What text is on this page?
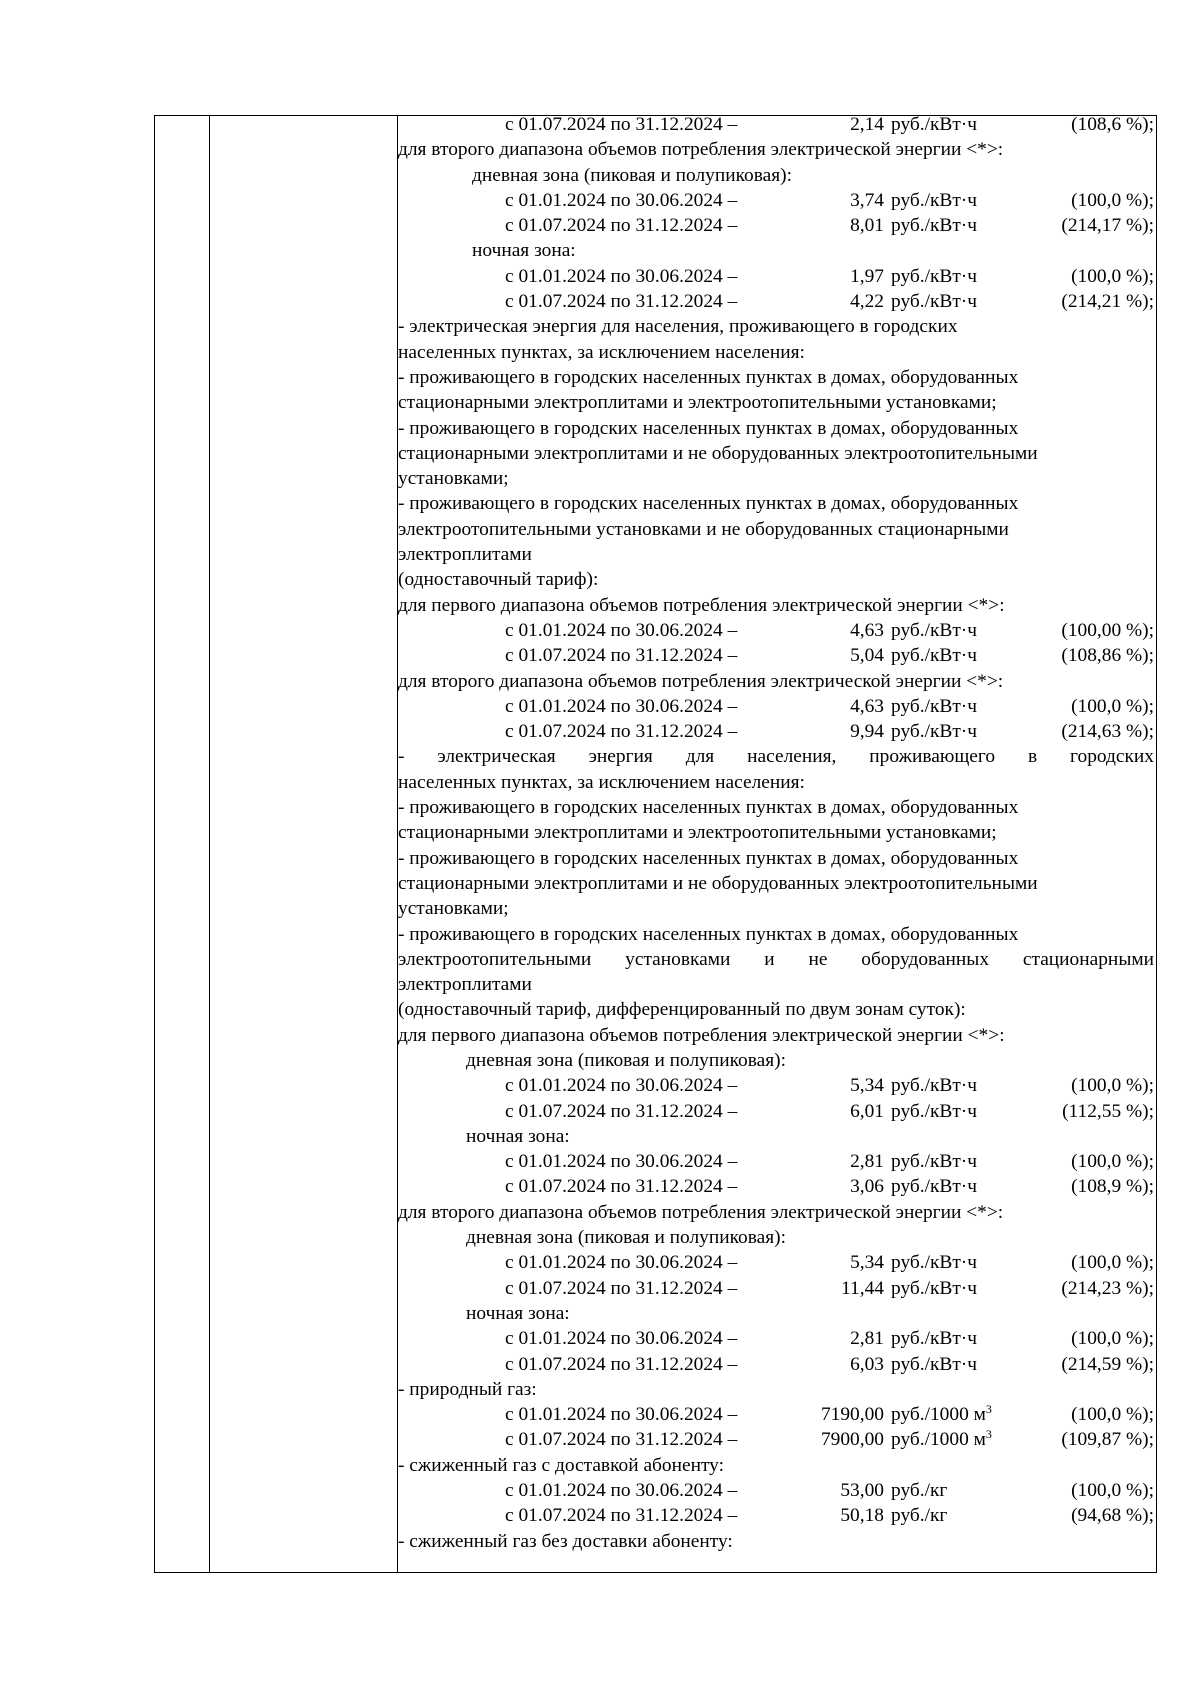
с 01.07.2024 по 31.12.2024 –	2,14 руб./кВт·ч	(108,6 %);
для второго диапазона объемов потребления электрической энергии <*>:
дневная зона (пиковая и полупиковая):
с 01.01.2024 по 30.06.2024 –	3,74 руб./кВт·ч	(100,0 %);
с 01.07.2024 по 31.12.2024 –	8,01 руб./кВт·ч	(214,17 %);
ночная зона:
с 01.01.2024 по 30.06.2024 –	1,97 руб./кВт·ч	(100,0 %);
с 01.07.2024 по 31.12.2024 –	4,22 руб./кВт·ч	(214,21 %);
- электрическая энергия для населения, проживающего в городских
населенных пунктах, за исключением населения:
- проживающего в городских населенных пунктах в домах, оборудованных
стационарными электроплитами и электроотопительными установками;
- проживающего в городских населенных пунктах в домах, оборудованных
стационарными электроплитами и не оборудованных электроотопительными
установками;
- проживающего в городских населенных пунктах в домах, оборудованных
электроотопительными установками и не оборудованных стационарными
электроплитами
(одноставочный тариф):
для первого диапазона объемов потребления электрической энергии <*>:
с 01.01.2024 по 30.06.2024 –	4,63 руб./кВт·ч	(100,00 %);
с 01.07.2024 по 31.12.2024 –	5,04 руб./кВт·ч	(108,86 %);
для второго диапазона объемов потребления электрической энергии <*>:
с 01.01.2024 по 30.06.2024 –	4,63 руб./кВт·ч	(100,0 %);
с 01.07.2024 по 31.12.2024 –	9,94 руб./кВт·ч	(214,63 %);
- электрическая энергия для населения, проживающего в городских
населенных пунктах, за исключением населения:
- проживающего в городских населенных пунктах в домах, оборудованных
стационарными электроплитами и электроотопительными установками;
- проживающего в городских населенных пунктах в домах, оборудованных
стационарными электроплитами и не оборудованных электроотопительными
установками;
- проживающего в городских населенных пунктах в домах, оборудованных
электроотопительными установками и не оборудованных стационарными
электроплитами
(одноставочный тариф, дифференцированный по двум зонам суток):
для первого диапазона объемов потребления электрической энергии <*>:
дневная зона (пиковая и полупиковая):
с 01.01.2024 по 30.06.2024 –	5,34 руб./кВт·ч	(100,0 %);
с 01.07.2024 по 31.12.2024 –	6,01 руб./кВт·ч	(112,55 %);
ночная зона:
с 01.01.2024 по 30.06.2024 –	2,81 руб./кВт·ч	(100,0 %);
с 01.07.2024 по 31.12.2024 –	3,06 руб./кВт·ч	(108,9 %);
для второго диапазона объемов потребления электрической энергии <*>:
дневная зона (пиковая и полупиковая):
с 01.01.2024 по 30.06.2024 –	5,34 руб./кВт·ч	(100,0 %);
с 01.07.2024 по 31.12.2024 –	11,44 руб./кВт·ч	(214,23 %);
ночная зона:
с 01.01.2024 по 30.06.2024 –	2,81 руб./кВт·ч	(100,0 %);
с 01.07.2024 по 31.12.2024 –	6,03 руб./кВт·ч	(214,59 %);
- природный газ:
с 01.01.2024 по 30.06.2024 –	7190,00 руб./1000 $м^3$	(100,0 %);
с 01.07.2024 по 31.12.2024 –	7900,00 руб./1000 $м^3$	(109,87 %);
- сжиженный газ с доставкой абоненту:
с 01.01.2024 по 30.06.2024 –	53,00 руб./кг	(100,0 %);
с 01.07.2024 по 31.12.2024 –	50,18 руб./кг	(94,68 %);
- сжиженный газ без доставки абоненту:
